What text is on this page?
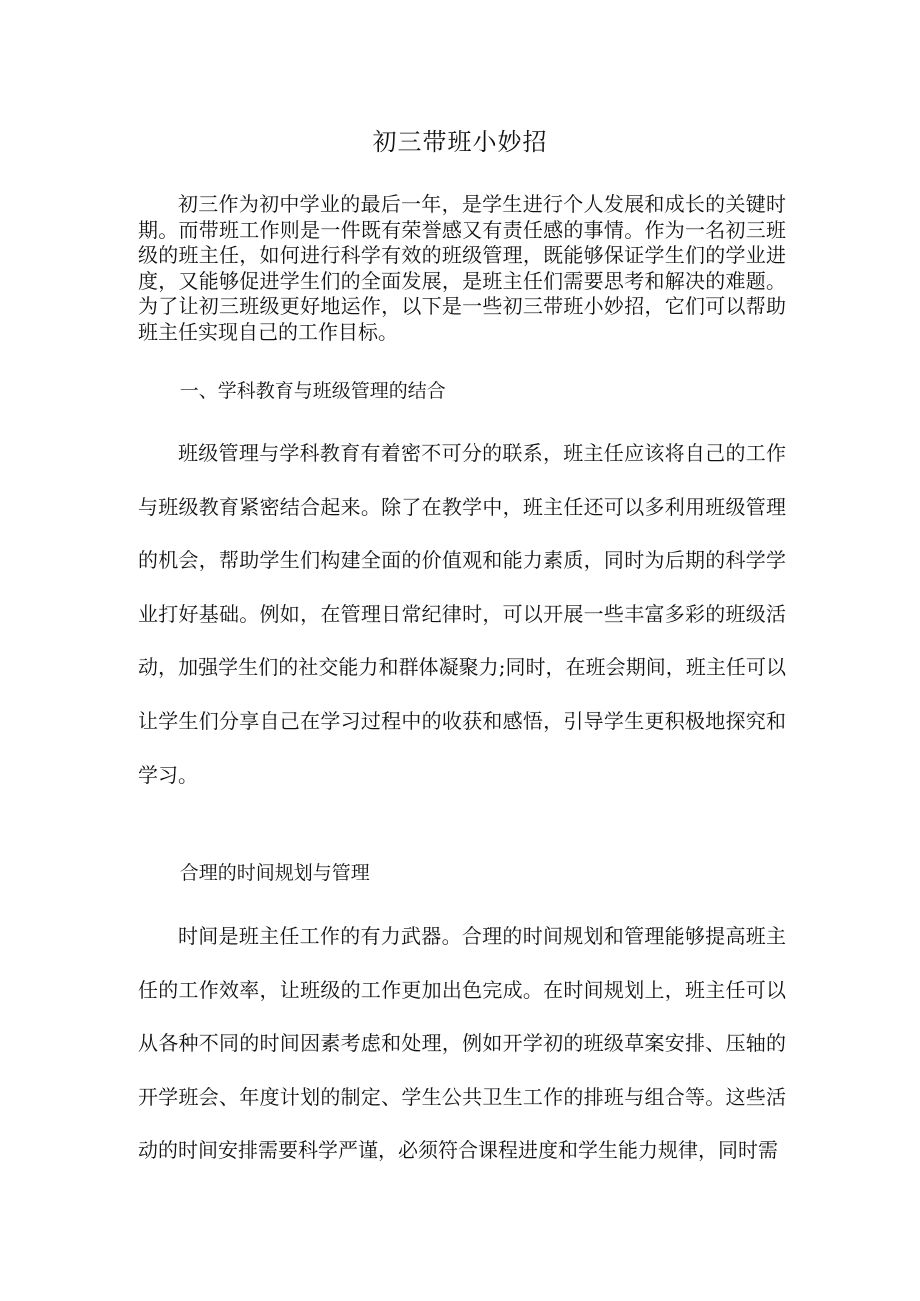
初三带班小妙招

初三作为初中学业的最后一年，是学生进行个人发展和成长的关键时期。而带班工作则是一件既有荣誉感又有责任感的事情。作为一名初三班级的班主任，如何进行科学有效的班级管理，既能够保证学生们的学业进度，又能够促进学生们的全面发展，是班主任们需要思考和解决的难题。为了让初三班级更好地运作，以下是一些初三带班小妙招，它们可以帮助班主任实现自己的工作目标。

一、学科教育与班级管理的结合

班级管理与学科教育有着密不可分的联系，班主任应该将自己的工作与班级教育紧密结合起来。除了在教学中，班主任还可以多利用班级管理的机会，帮助学生们构建全面的价值观和能力素质，同时为后期的科学学业打好基础。例如，在管理日常纪律时，可以开展一些丰富多彩的班级活动，加强学生们的社交能力和群体凝聚力;同时，在班会期间，班主任可以让学生们分享自己在学习过程中的收获和感悟，引导学生更积极地探究和学习。

合理的时间规划与管理

时间是班主任工作的有力武器。合理的时间规划和管理能够提高班主任的工作效率，让班级的工作更加出色完成。在时间规划上，班主任可以从各种不同的时间因素考虑和处理，例如开学初的班级草案安排、压轴的开学班会、年度计划的制定、学生公共卫生工作的排班与组合等。这些活动的时间安排需要科学严谨，必须符合课程进度和学生能力规律，同时需
